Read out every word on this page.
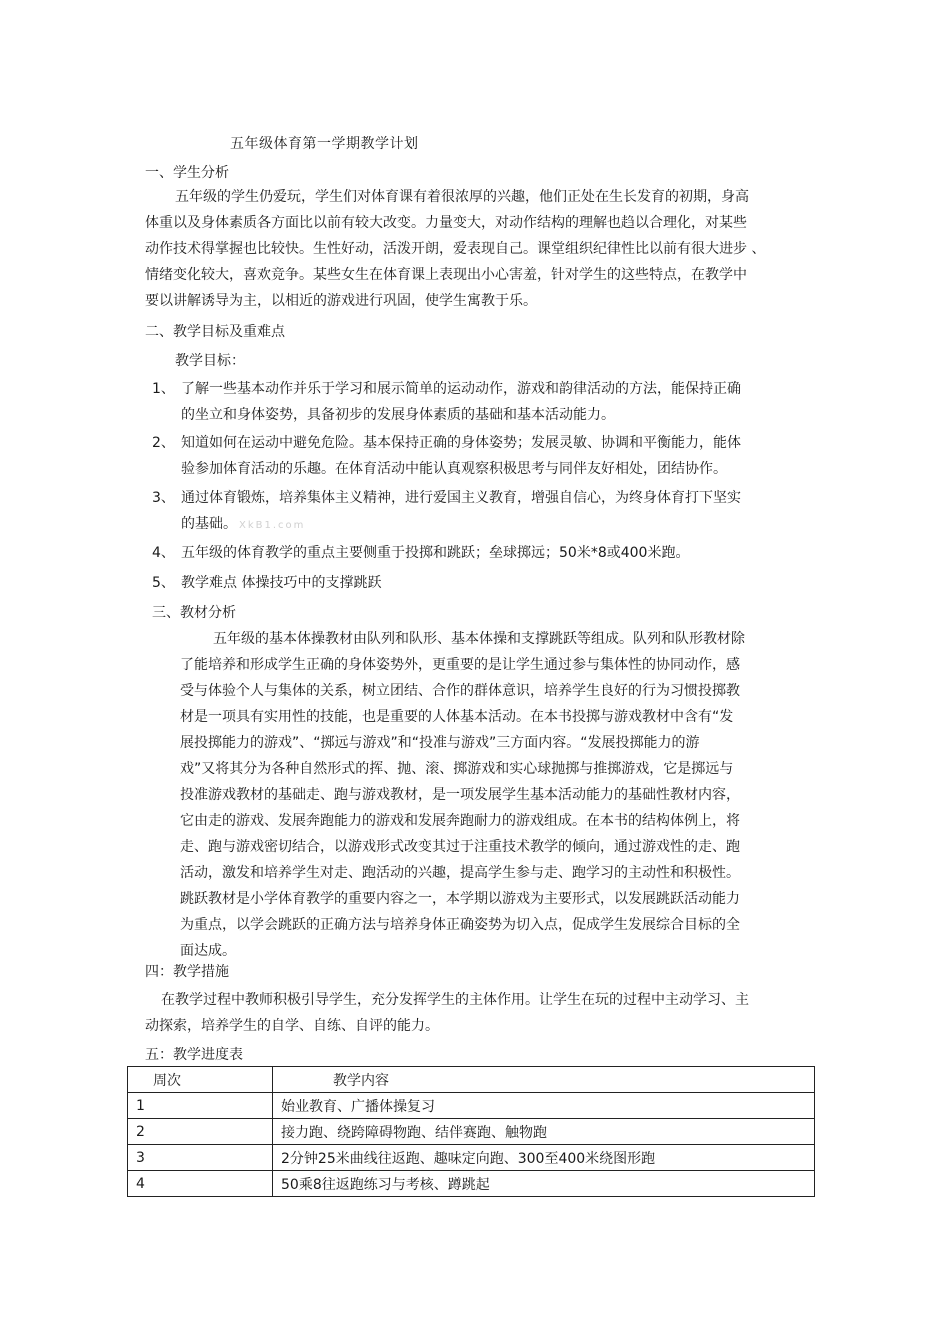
五年级体育第一学期教学计划
一、学生分析
五年级的学生仍爱玩，学生们对体育课有着很浓厚的兴趣，他们正处在生长发育的初期，身高
体重以及身体素质各方面比以前有较大改变。力量变大，对动作结构的理解也趋以合理化，对某些
动作技术得掌握也比较快。生性好动，活泼开朗，爱表现自己。课堂组织纪律性比以前有很大进步 、
情绪变化较大，喜欢竞争。某些女生在体育课上表现出小心害羞，针对学生的这些特点，在教学中
要以讲解诱导为主，以相近的游戏进行巩固，使学生寓教于乐。
二、教学目标及重难点
教学目标：
1、 了解一些基本动作并乐于学习和展示简单的运动动作，游戏和韵律活动的方法，能保持正确
的坐立和身体姿势，具备初步的发展身体素质的基础和基本活动能力。
2、 知道如何在运动中避免危险。基本保持正确的身体姿势；发展灵敏、协调和平衡能力，能体
验参加体育活动的乐趣。在体育活动中能认真观察积极思考与同伴友好相处，团结协作。
3、 通过体育锻炼，培养集体主义精神，进行爱国主义教育，增强自信心，为终身体育打下坚实
的基础。 XkB1.com
4、 五年级的体育教学的重点主要侧重于投掷和跳跃；垒球掷远；50米*8或400米跑。
5、 教学难点 体操技巧中的支撑跳跃
三、教材分析
五年级的基本体操教材由队列和队形、基本体操和支撑跳跃等组成。队列和队形教材除
了能培养和形成学生正确的身体姿势外，更重要的是让学生通过参与集体性的协同动作，感
受与体验个人与集体的关系，树立团结、合作的群体意识，培养学生良好的行为习惯投掷教
材是一项具有实用性的技能，也是重要的人体基本活动。在本书投掷与游戏教材中含有“发
展投掷能力的游戏”、“掷远与游戏”和“投准与游戏”三方面内容。“发展投掷能力的游
戏”又将其分为各种自然形式的挥、抛、滚、掷游戏和实心球抛掷与推掷游戏，它是掷远与
投准游戏教材的基础走、跑与游戏教材，是一项发展学生基本活动能力的基础性教材内容，
它由走的游戏、发展奔跑能力的游戏和发展奔跑耐力的游戏组成。在本书的结构体例上，将
走、跑与游戏密切结合，以游戏形式改变其过于注重技术教学的倾向，通过游戏性的走、跑
活动，激发和培养学生对走、跑活动的兴趣，提高学生参与走、跑学习的主动性和积极性。
跳跃教材是小学体育教学的重要内容之一，本学期以游戏为主要形式，以发展跳跃活动能力
为重点，以学会跳跃的正确方法与培养身体正确姿势为切入点，促成学生发展综合目标的全
面达成。
四：教学措施
在教学过程中教师积极引导学生，充分发挥学生的主体作用。让学生在玩的过程中主动学习、主
动探索，培养学生的自学、自练、自评的能力。
五：教学进度表
周次	教学内容
1	始业教育、广播体操复习
2	接力跑、绕跨障碍物跑、结伴赛跑、触物跑
3	2分钟25米曲线往返跑、趣味定向跑、300至400米绕图形跑
4	50乘8往返跑练习与考核、蹲跳起
